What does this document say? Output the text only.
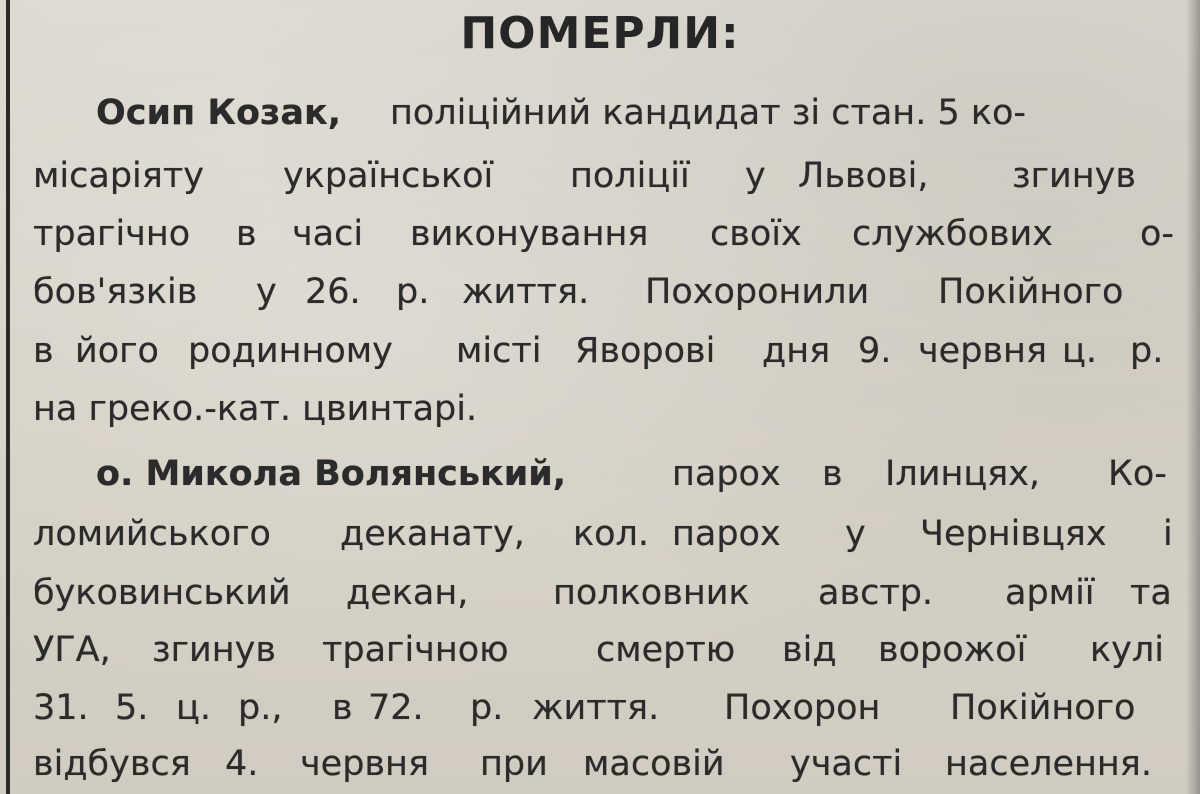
ПОМЕРЛИ:
Осип Козак, поліційний кандидат зі стан. 5 ко-
місаріяту української поліції у Львові, згинув
трагічно в часі виконування своїх службових о-
бов'язків у 26. р. життя. Похоронили Покійного
в його родинному місті Яворові дня 9. червня ц. р.
на греко.-кат. цвинтарі.
о. Микола Волянський,	парох в Ілинцях, Ко-
ломийського деканату, кол. парох у Чернівцях і
буковинський декан, полковник австр. армії та
УГА, згинув трагічною смертю від ворожої кулі
31. 5. ц. р., в 72. р. життя. Похорон Покійного
відбувся 4. червня при масовій участі населення.
